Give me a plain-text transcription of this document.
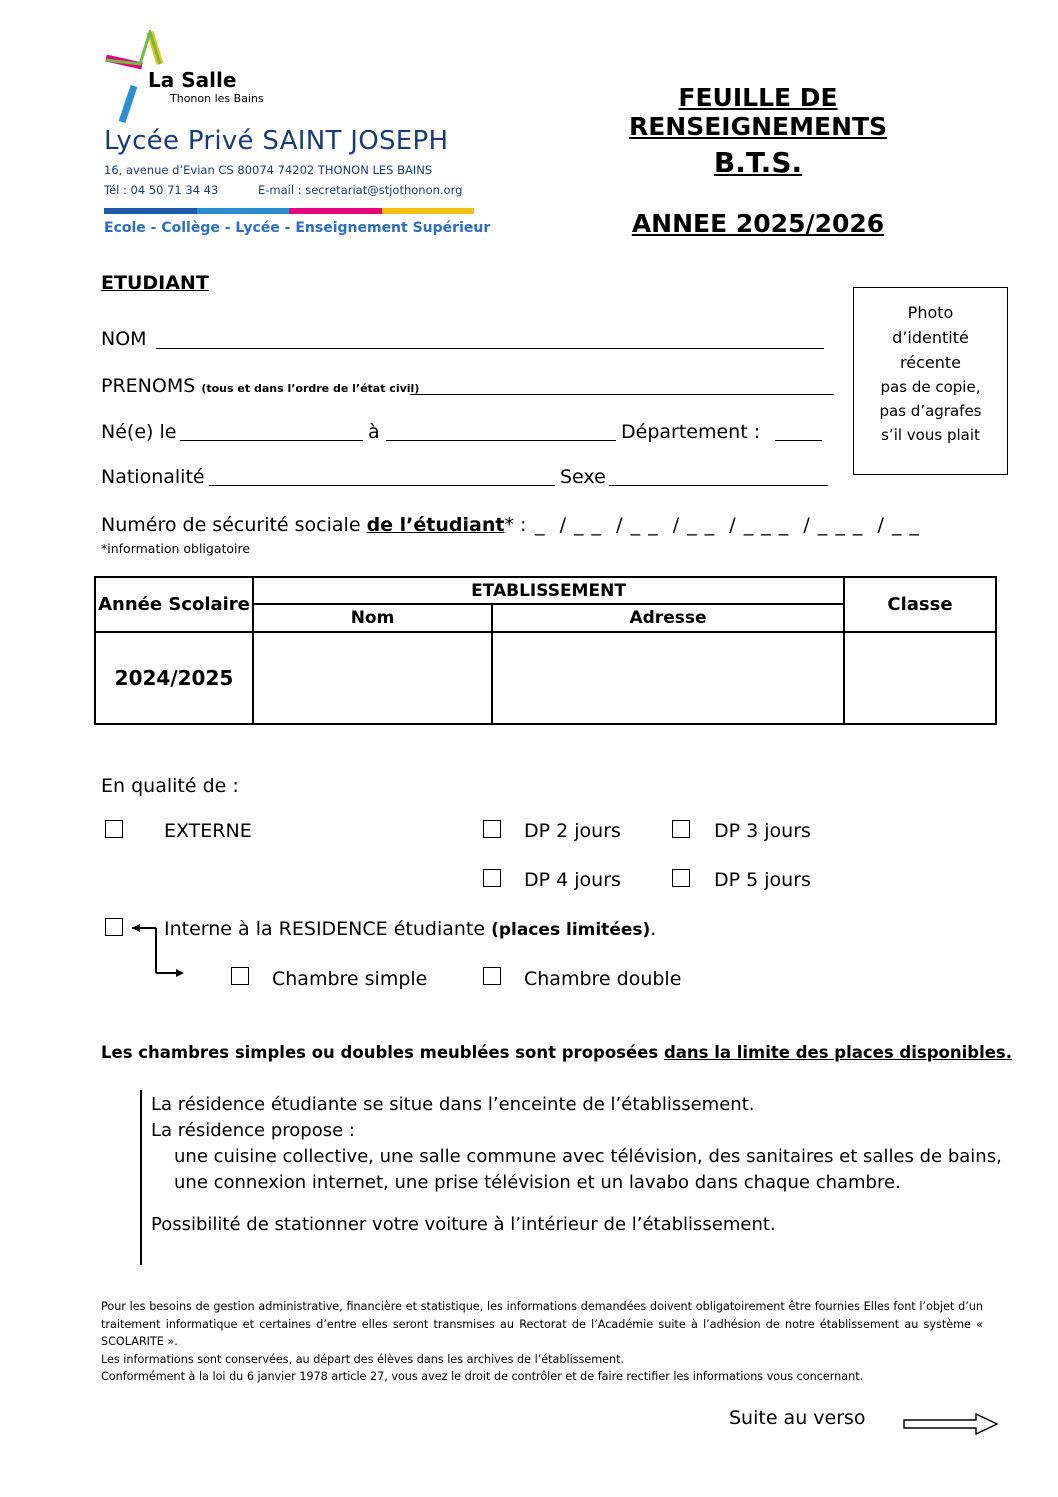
La Salle
Thonon les Bains
Lycée Privé SAINT JOSEPH
16, avenue d’Evian CS 80074 74202 THONON LES BAINS
Tél : 04 50 71 34 43	E-mail : secretariat@stjothonon.org
Ecole - Collège - Lycée - Enseignement Supérieur
FEUILLE DE RENSEIGNEMENTS
B.T.S.
ANNEE 2025/2026
ETUDIANT
NOM
PRENOMS (tous et dans l’ordre de l’état civil)
Né(e) le	à	Département :
Nationalité	Sexe
Numéro de sécurité sociale de l’étudiant* : _  / _ _  / _ _  / _ _  / _ _ _  / _ _ _  / _ _
*information obligatoire
Photo
d’identité
récente
pas de copie,
pas d’agrafes
s’il vous plait
Année Scolaire	ETABLISSEMENT		Classe
	Nom	Adresse	
2024/2025			
En qualité de :
EXTERNE	DP 2 jours	DP 3 jours
DP 4 jours	DP 5 jours
Interne à la RESIDENCE étudiante (places limitées).
Chambre simple	Chambre double
Les chambres simples ou doubles meublées sont proposées dans la limite des places disponibles.
La résidence étudiante se situe dans l’enceinte de l’établissement.
La résidence propose :
une cuisine collective, une salle commune avec télévision, des sanitaires et salles de bains,
une connexion internet, une prise télévision et un lavabo dans chaque chambre.
Possibilité de stationner votre voiture à l’intérieur de l’établissement.
Pour les besoins de gestion administrative, financière et statistique, les informations demandées doivent obligatoirement être fournies Elles font l’objet d’un traitement informatique et certaines d’entre elles seront transmises au Rectorat de l’Académie suite à l’adhésion de notre établissement au système « SCOLARITE ».
Les informations sont conservées, au départ des élèves dans les archives de l’établissement.
Conformément à la loi du 6 janvier 1978 article 27, vous avez le droit de contrôler et de faire rectifier les informations vous concernant.
Suite au verso
